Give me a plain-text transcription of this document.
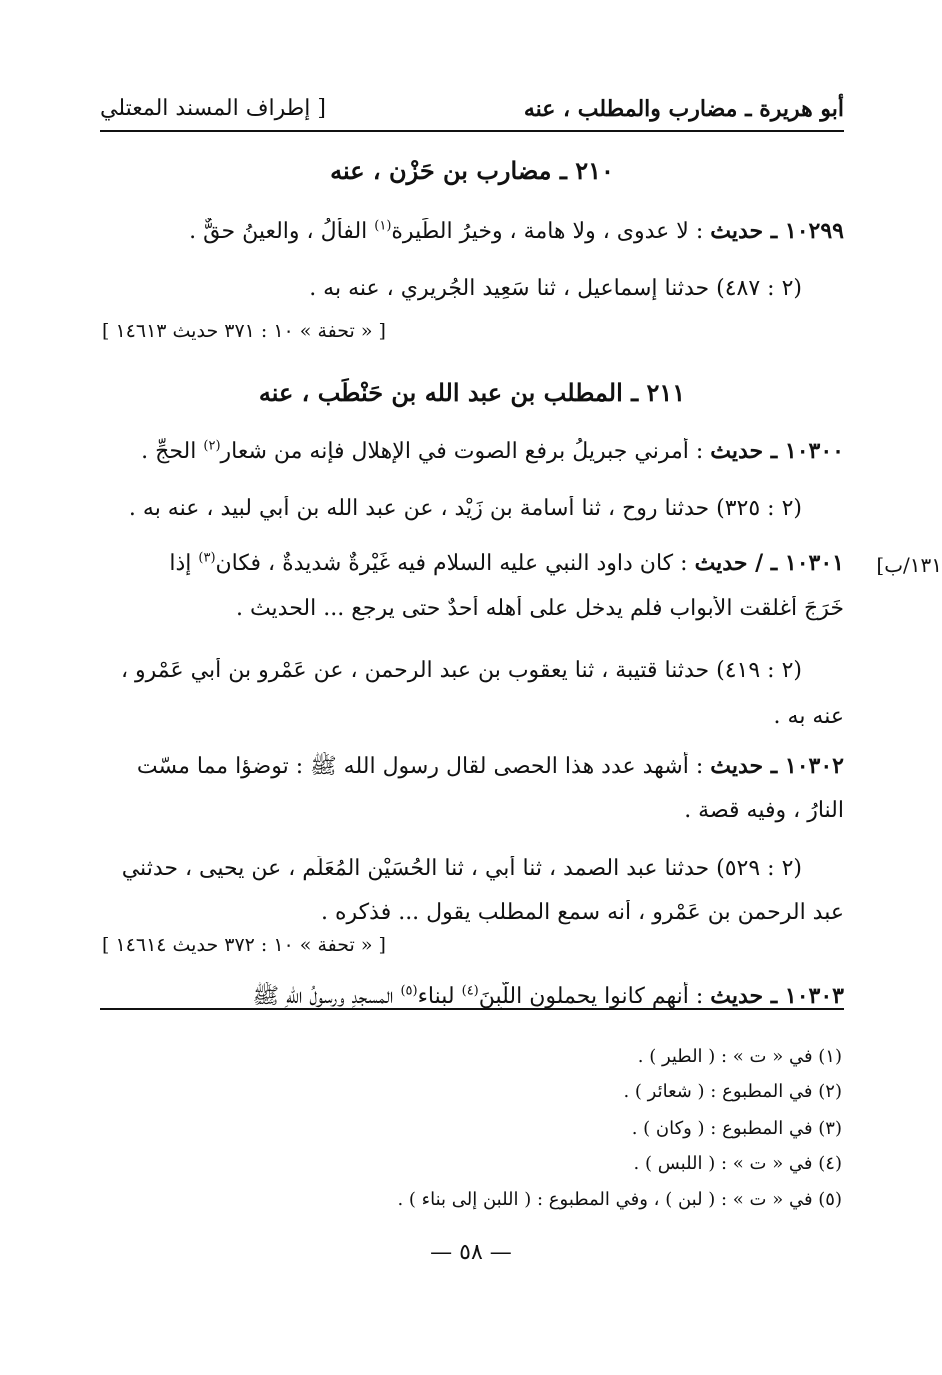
أبو هريرة ـ مضارب والمطلب ، عنه
[ إطراف المسند المعتلي
٢١٠ ـ مضارب بن حَزْن ، عنه
١٠٢٩٩ ـ حديث : لا عدوى ، ولا هامة ، وخيرُ الطِّيرة$^{(١)}$ الفأْلُ ، والعينُ حقٌّ .
(٢ : ٤٨٧) حدثنا إسماعيل ، ثنا سَعِيد الجُريري ، عنه به .
[ « تحفة » ١٠ : ٣٧١ حديث ١٤٦١٣ ]
٢١١ ـ المطلب بن عبد الله بن حَنْطَب ، عنه
١٠٣٠٠ ـ حديث : أمرني جبريلُ برفع الصوت في الإهلال فإنه من شعارِ$^{(٢)}$ الحجِّ .
(٢ : ٣٢٥) حدثنا روح ، ثنا أسامة بن زَيْد ، عن عبد الله بن أبي لبيد ، عنه به .
١٣١/ب]
١٠٣٠١ ـ / حديث : كان داود النبي عليه السلام فيه غَيْرةٌ شديدةٌ ، فكان$^{(٣)}$ إذا
خَرَجَ أغلقت الأبواب فلم يدخل على أهله أحدٌ حتى يرجع ... الحديث .
(٢ : ٤١٩) حدثنا قتيبة ، ثنا يعقوب بن عبد الرحمن ، عن عَمْرو بن أبي عَمْرو ،
عنه به .
١٠٣٠٢ ـ حديث : أشهد عدد هذا الحصى لقال رسول الله ﷺ : توضؤا مما مسّت
النارُ ، وفيه قصة .
(٢ : ٥٢٩) حدثنا عبد الصمد ، ثنا أبي ، ثنا الحُسَيْن المُعَلِّم ، عن يحيى ، حدثني
عبد الرحمن بن عَمْرو ، أنه سمع المطلب يقول ... فذكره .
[ « تحفة » ١٠ : ٣٧٢ حديث ١٤٦١٤ ]
١٠٣٠٣ ـ حديث : أنهم كانوا يحملون اللَّبِنَ$^{(٤)}$ لبناء$^{(٥)}$ المسجدِ ورسولُ اللهِ ﷺ
(١) في « ت » : ( الطير ) .
(٢) في المطبوع : ( شعائر ) .
(٣) في المطبوع : ( وكان ) .
(٤) في « ت » : ( اللبس ) .
(٥) في « ت » : ( لبن ) ، وفي المطبوع : ( اللبن إلى بناء ) .
— ٥٨ —
